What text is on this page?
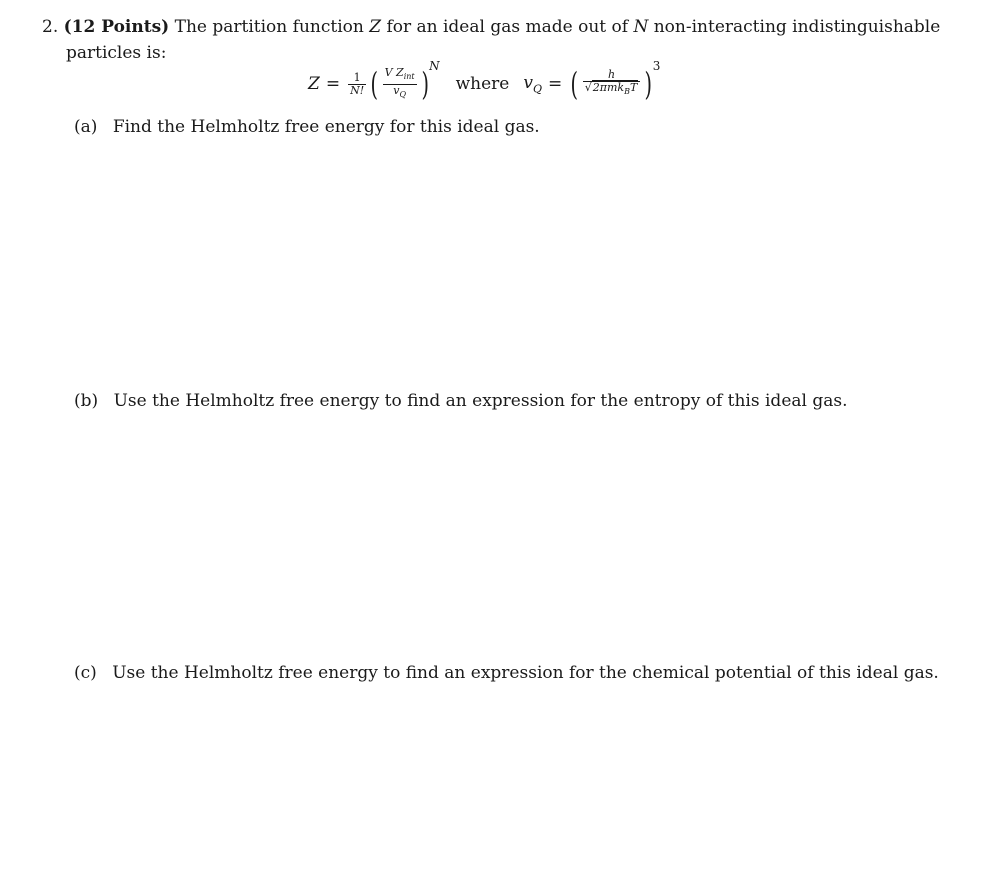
2. (12 Points) The partition function Z for an ideal gas made out of N non-interacting indistinguishable
particles is:
$Z = \frac{1}{N!}$ ( $\frac{V Z_{int}}{v_Q}$ ) N
where $v_Q$ = ( $\frac{h}{√2\pi mk_BT}$ ) 3
(a) Find the Helmholtz free energy for this ideal gas.
(b) Use the Helmholtz free energy to find an expression for the entropy of this ideal gas.
(c) Use the Helmholtz free energy to find an expression for the chemical potential of this ideal gas.
